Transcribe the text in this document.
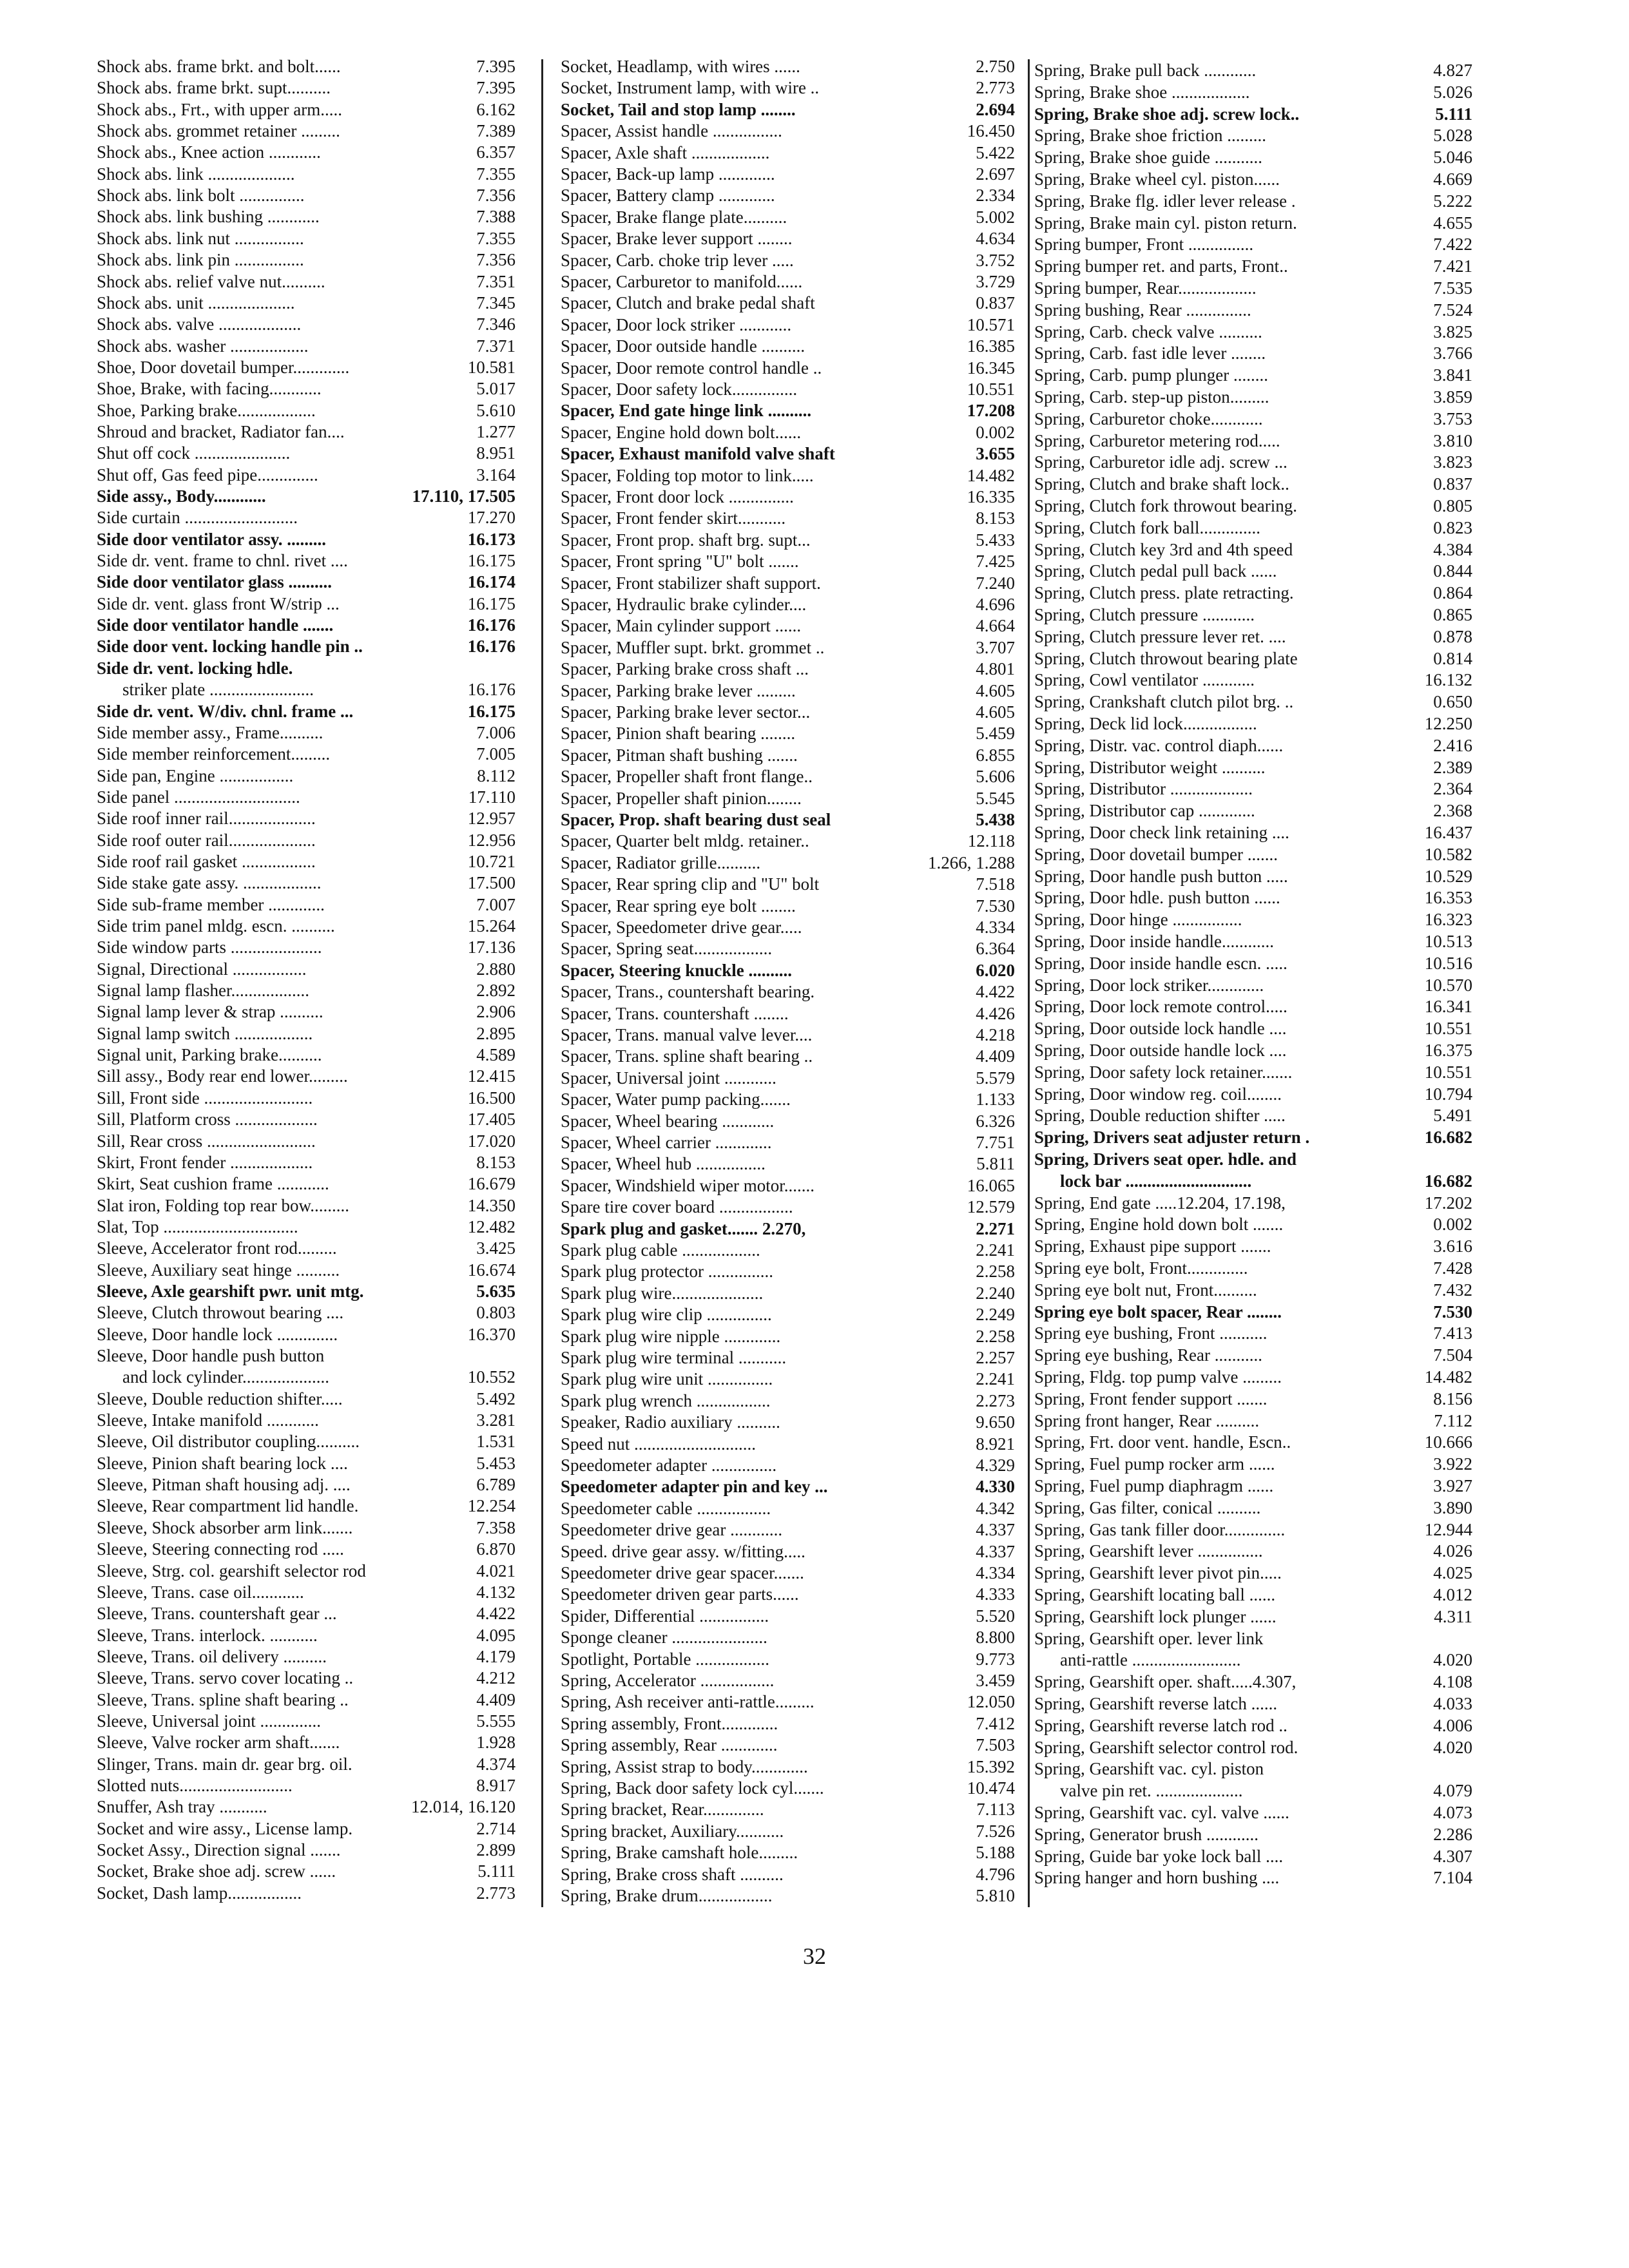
Shock abs. frame brkt. and bolt......	7.395
Shock abs. frame brkt. supt..........	7.395
Shock abs., Frt., with upper arm.....	6.162
Shock abs. grommet retainer .........	7.389
Shock abs., Knee action ............	6.357
Shock abs. link ....................	7.355
Shock abs. link bolt ...............	7.356
Shock abs. link bushing ............	7.388
Shock abs. link nut ................	7.355
Shock abs. link pin ................	7.356
Shock abs. relief valve nut..........	7.351
Shock abs. unit ....................	7.345
Shock abs. valve ...................	7.346
Shock abs. washer ..................	7.371
Shoe, Door dovetail bumper.............	10.581
Shoe, Brake, with facing............	5.017
Shoe, Parking brake..................	5.610
Shroud and bracket, Radiator fan....	1.277
Shut off cock ......................	8.951
Shut off, Gas feed pipe..............	3.164
Side assy., Body............	17.110, 17.505
Side curtain ..........................	17.270
Side door ventilator assy. .........	16.173
Side dr. vent. frame to chnl. rivet ....	16.175
Side door ventilator glass ..........	16.174
Side dr. vent. glass front W/strip ...	16.175
Side door ventilator handle .......	16.176
Side door vent. locking handle pin ..	16.176
Side dr. vent. locking hdle.
striker plate ........................	16.176
Side dr. vent. W/div. chnl. frame ...	16.175
Side member assy., Frame..........	7.006
Side member reinforcement.........	7.005
Side pan, Engine .................	8.112
Side panel .............................	17.110
Side roof inner rail....................	12.957
Side roof outer rail....................	12.956
Side roof rail gasket .................	10.721
Side stake gate assy. ..................	17.500
Side sub-frame member .............	7.007
Side trim panel mldg. escn. ..........	15.264
Side window parts .....................	17.136
Signal, Directional .................	2.880
Signal lamp flasher..................	2.892
Signal lamp lever & strap ..........	2.906
Signal lamp switch ..................	2.895
Signal unit, Parking brake..........	4.589
Sill assy., Body rear end lower.........	12.415
Sill, Front side .........................	16.500
Sill, Platform cross ...................	17.405
Sill, Rear cross .........................	17.020
Skirt, Front fender ...................	8.153
Skirt, Seat cushion frame ............	16.679
Slat iron, Folding top rear bow.........	14.350
Slat, Top ...............................	12.482
Sleeve, Accelerator front rod.........	3.425
Sleeve, Auxiliary seat hinge ..........	16.674
Sleeve, Axle gearshift pwr. unit mtg.	5.635
Sleeve, Clutch throwout bearing ....	0.803
Sleeve, Door handle lock ..............	16.370
Sleeve, Door handle push button
and lock cylinder....................	10.552
Sleeve, Double reduction shifter.....	5.492
Sleeve, Intake manifold ............	3.281
Sleeve, Oil distributor coupling..........	1.531
Sleeve, Pinion shaft bearing lock ....	5.453
Sleeve, Pitman shaft housing adj. ....	6.789
Sleeve, Rear compartment lid handle.	12.254
Sleeve, Shock absorber arm link.......	7.358
Sleeve, Steering connecting rod .....	6.870
Sleeve, Strg. col. gearshift selector rod	4.021
Sleeve, Trans. case oil............	4.132
Sleeve, Trans. countershaft gear ...	4.422
Sleeve, Trans. interlock. ...........	4.095
Sleeve, Trans. oil delivery ..........	4.179
Sleeve, Trans. servo cover locating ..	4.212
Sleeve, Trans. spline shaft bearing ..	4.409
Sleeve, Universal joint ..............	5.555
Sleeve, Valve rocker arm shaft.......	1.928
Slinger, Trans. main dr. gear brg. oil.	4.374
Slotted nuts..........................	8.917
Snuffer, Ash tray ...........	12.014, 16.120
Socket and wire assy., License lamp.	2.714
Socket Assy., Direction signal .......	2.899
Socket, Brake shoe adj. screw ......	5.111
Socket, Dash lamp.................	2.773
Socket, Headlamp, with wires ......	2.750
Socket, Instrument lamp, with wire ..	2.773
Socket, Tail and stop lamp ........	2.694
Spacer, Assist handle ................	16.450
Spacer, Axle shaft ..................	5.422
Spacer, Back-up lamp .............	2.697
Spacer, Battery clamp .............	2.334
Spacer, Brake flange plate..........	5.002
Spacer, Brake lever support ........	4.634
Spacer, Carb. choke trip lever .....	3.752
Spacer, Carburetor to manifold......	3.729
Spacer, Clutch and brake pedal shaft	0.837
Spacer, Door lock striker ............	10.571
Spacer, Door outside handle ..........	16.385
Spacer, Door remote control handle ..	16.345
Spacer, Door safety lock...............	10.551
Spacer, End gate hinge link ..........	17.208
Spacer, Engine hold down bolt......	0.002
Spacer, Exhaust manifold valve shaft	3.655
Spacer, Folding top motor to link.....	14.482
Spacer, Front door lock ...............	16.335
Spacer, Front fender skirt...........	8.153
Spacer, Front prop. shaft brg. supt...	5.433
Spacer, Front spring "U" bolt .......	7.425
Spacer, Front stabilizer shaft support.	7.240
Spacer, Hydraulic brake cylinder....	4.696
Spacer, Main cylinder support ......	4.664
Spacer, Muffler supt. brkt. grommet ..	3.707
Spacer, Parking brake cross shaft ...	4.801
Spacer, Parking brake lever .........	4.605
Spacer, Parking brake lever sector...	4.605
Spacer, Pinion shaft bearing ........	5.459
Spacer, Pitman shaft bushing .......	6.855
Spacer, Propeller shaft front flange..	5.606
Spacer, Propeller shaft pinion........	5.545
Spacer, Prop. shaft bearing dust seal	5.438
Spacer, Quarter belt mldg. retainer..	12.118
Spacer, Radiator grille..........	1.266, 1.288
Spacer, Rear spring clip and "U" bolt	7.518
Spacer, Rear spring eye bolt ........	7.530
Spacer, Speedometer drive gear.....	4.334
Spacer, Spring seat..................	6.364
Spacer, Steering knuckle ..........	6.020
Spacer, Trans., countershaft bearing.	4.422
Spacer, Trans. countershaft ........	4.426
Spacer, Trans. manual valve lever....	4.218
Spacer, Trans. spline shaft bearing ..	4.409
Spacer, Universal joint ............	5.579
Spacer, Water pump packing.......	1.133
Spacer, Wheel bearing ............	6.326
Spacer, Wheel carrier .............	7.751
Spacer, Wheel hub ................	5.811
Spacer, Windshield wiper motor.......	16.065
Spare tire cover board .................	12.579
Spark plug and gasket....... 2.270,	2.271
Spark plug cable ..................	2.241
Spark plug protector ...............	2.258
Spark plug wire.....................	2.240
Spark plug wire clip ...............	2.249
Spark plug wire nipple .............	2.258
Spark plug wire terminal ...........	2.257
Spark plug wire unit ...............	2.241
Spark plug wrench .................	2.273
Speaker, Radio auxiliary ..........	9.650
Speed nut ............................	8.921
Speedometer adapter ...............	4.329
Speedometer adapter pin and key ...	4.330
Speedometer cable .................	4.342
Speedometer drive gear ............	4.337
Speed. drive gear assy. w/fitting.....	4.337
Speedometer drive gear spacer.......	4.334
Speedometer driven gear parts......	4.333
Spider, Differential ................	5.520
Sponge cleaner ......................	8.800
Spotlight, Portable .................	9.773
Spring, Accelerator .................	3.459
Spring, Ash receiver anti-rattle.........	12.050
Spring assembly, Front.............	7.412
Spring assembly, Rear .............	7.503
Spring, Assist strap to body.............	15.392
Spring, Back door safety lock cyl.......	10.474
Spring bracket, Rear..............	7.113
Spring bracket, Auxiliary...........	7.526
Spring, Brake camshaft hole.........	5.188
Spring, Brake cross shaft ..........	4.796
Spring, Brake drum.................	5.810
Spring, Brake pull back ............	4.827
Spring, Brake shoe ..................	5.026
Spring, Brake shoe adj. screw lock..	5.111
Spring, Brake shoe friction .........	5.028
Spring, Brake shoe guide ...........	5.046
Spring, Brake wheel cyl. piston......	4.669
Spring, Brake flg. idler lever release .	5.222
Spring, Brake main cyl. piston return.	4.655
Spring bumper, Front ...............	7.422
Spring bumper ret. and parts, Front..	7.421
Spring bumper, Rear..................	7.535
Spring bushing, Rear ...............	7.524
Spring, Carb. check valve ..........	3.825
Spring, Carb. fast idle lever ........	3.766
Spring, Carb. pump plunger ........	3.841
Spring, Carb. step-up piston.........	3.859
Spring, Carburetor choke............	3.753
Spring, Carburetor metering rod.....	3.810
Spring, Carburetor idle adj. screw ...	3.823
Spring, Clutch and brake shaft lock..	0.837
Spring, Clutch fork throwout bearing.	0.805
Spring, Clutch fork ball..............	0.823
Spring, Clutch key 3rd and 4th speed	4.384
Spring, Clutch pedal pull back ......	0.844
Spring, Clutch press. plate retracting.	0.864
Spring, Clutch pressure ............	0.865
Spring, Clutch pressure lever ret. ....	0.878
Spring, Clutch throwout bearing plate	0.814
Spring, Cowl ventilator ............	16.132
Spring, Crankshaft clutch pilot brg. ..	0.650
Spring, Deck lid lock.................	12.250
Spring, Distr. vac. control diaph......	2.416
Spring, Distributor weight ..........	2.389
Spring, Distributor ...................	2.364
Spring, Distributor cap .............	2.368
Spring, Door check link retaining ....	16.437
Spring, Door dovetail bumper .......	10.582
Spring, Door handle push button .....	10.529
Spring, Door hdle. push button ......	16.353
Spring, Door hinge ................	16.323
Spring, Door inside handle............	10.513
Spring, Door inside handle escn. .....	10.516
Spring, Door lock striker.............	10.570
Spring, Door lock remote control.....	16.341
Spring, Door outside lock handle ....	10.551
Spring, Door outside handle lock ....	16.375
Spring, Door safety lock retainer.......	10.551
Spring, Door window reg. coil........	10.794
Spring, Double reduction shifter .....	5.491
Spring, Drivers seat adjuster return .	16.682
Spring, Drivers seat oper. hdle. and
lock bar .............................	16.682
Spring, End gate .....12.204, 17.198,	17.202
Spring, Engine hold down bolt .......	0.002
Spring, Exhaust pipe support .......	3.616
Spring eye bolt, Front..............	7.428
Spring eye bolt nut, Front..........	7.432
Spring eye bolt spacer, Rear ........	7.530
Spring eye bushing, Front ...........	7.413
Spring eye bushing, Rear ...........	7.504
Spring, Fldg. top pump valve .........	14.482
Spring, Front fender support .......	8.156
Spring front hanger, Rear ..........	7.112
Spring, Frt. door vent. handle, Escn..	10.666
Spring, Fuel pump rocker arm ......	3.922
Spring, Fuel pump diaphragm ......	3.927
Spring, Gas filter, conical ..........	3.890
Spring, Gas tank filler door..............	12.944
Spring, Gearshift lever ...............	4.026
Spring, Gearshift lever pivot pin.....	4.025
Spring, Gearshift locating ball ......	4.012
Spring, Gearshift lock plunger ......	4.311
Spring, Gearshift oper. lever link
anti-rattle .........................	4.020
Spring, Gearshift oper. shaft.....4.307,	4.108
Spring, Gearshift reverse latch ......	4.033
Spring, Gearshift reverse latch rod ..	4.006
Spring, Gearshift selector control rod.	4.020
Spring, Gearshift vac. cyl. piston
valve pin ret. ....................	4.079
Spring, Gearshift vac. cyl. valve ......	4.073
Spring, Generator brush ............	2.286
Spring, Guide bar yoke lock ball ....	4.307
Spring hanger and horn bushing ....	7.104
32
